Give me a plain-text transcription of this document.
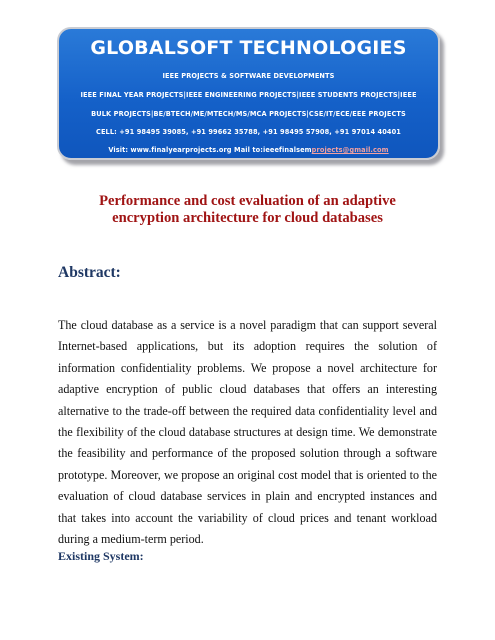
GLOBALSOFT TECHNOLOGIES
IEEE PROJECTS & SOFTWARE DEVELOPMENTS
IEEE FINAL YEAR PROJECTS|IEEE ENGINEERING PROJECTS|IEEE STUDENTS PROJECTS|IEEE
BULK PROJECTS|BE/BTECH/ME/MTECH/MS/MCA PROJECTS|CSE/IT/ECE/EEE PROJECTS
CELL: +91 98495 39085, +91 99662 35788, +91 98495 57908, +91 97014 40401
Visit: www.finalyearprojects.org Mail to:ieeefinalsemprojects@gmail.com
Performance and cost evaluation of an adaptive
encryption architecture for cloud databases
Abstract:

The cloud database as a service is a novel paradigm that can support several Internet-based applications, but its adoption requires the solution of information confidentiality problems. We propose a novel architecture for adaptive encryption of public cloud databases that offers an interesting alternative to the trade-off between the required data confidentiality level and the flexibility of the cloud database structures at design time. We demonstrate the feasibility and performance of the proposed solution through a software prototype. Moreover, we propose an original cost model that is oriented to the evaluation of cloud database services in plain and encrypted instances and that takes into account the variability of cloud prices and tenant workload during a medium-term period.

Existing System:
